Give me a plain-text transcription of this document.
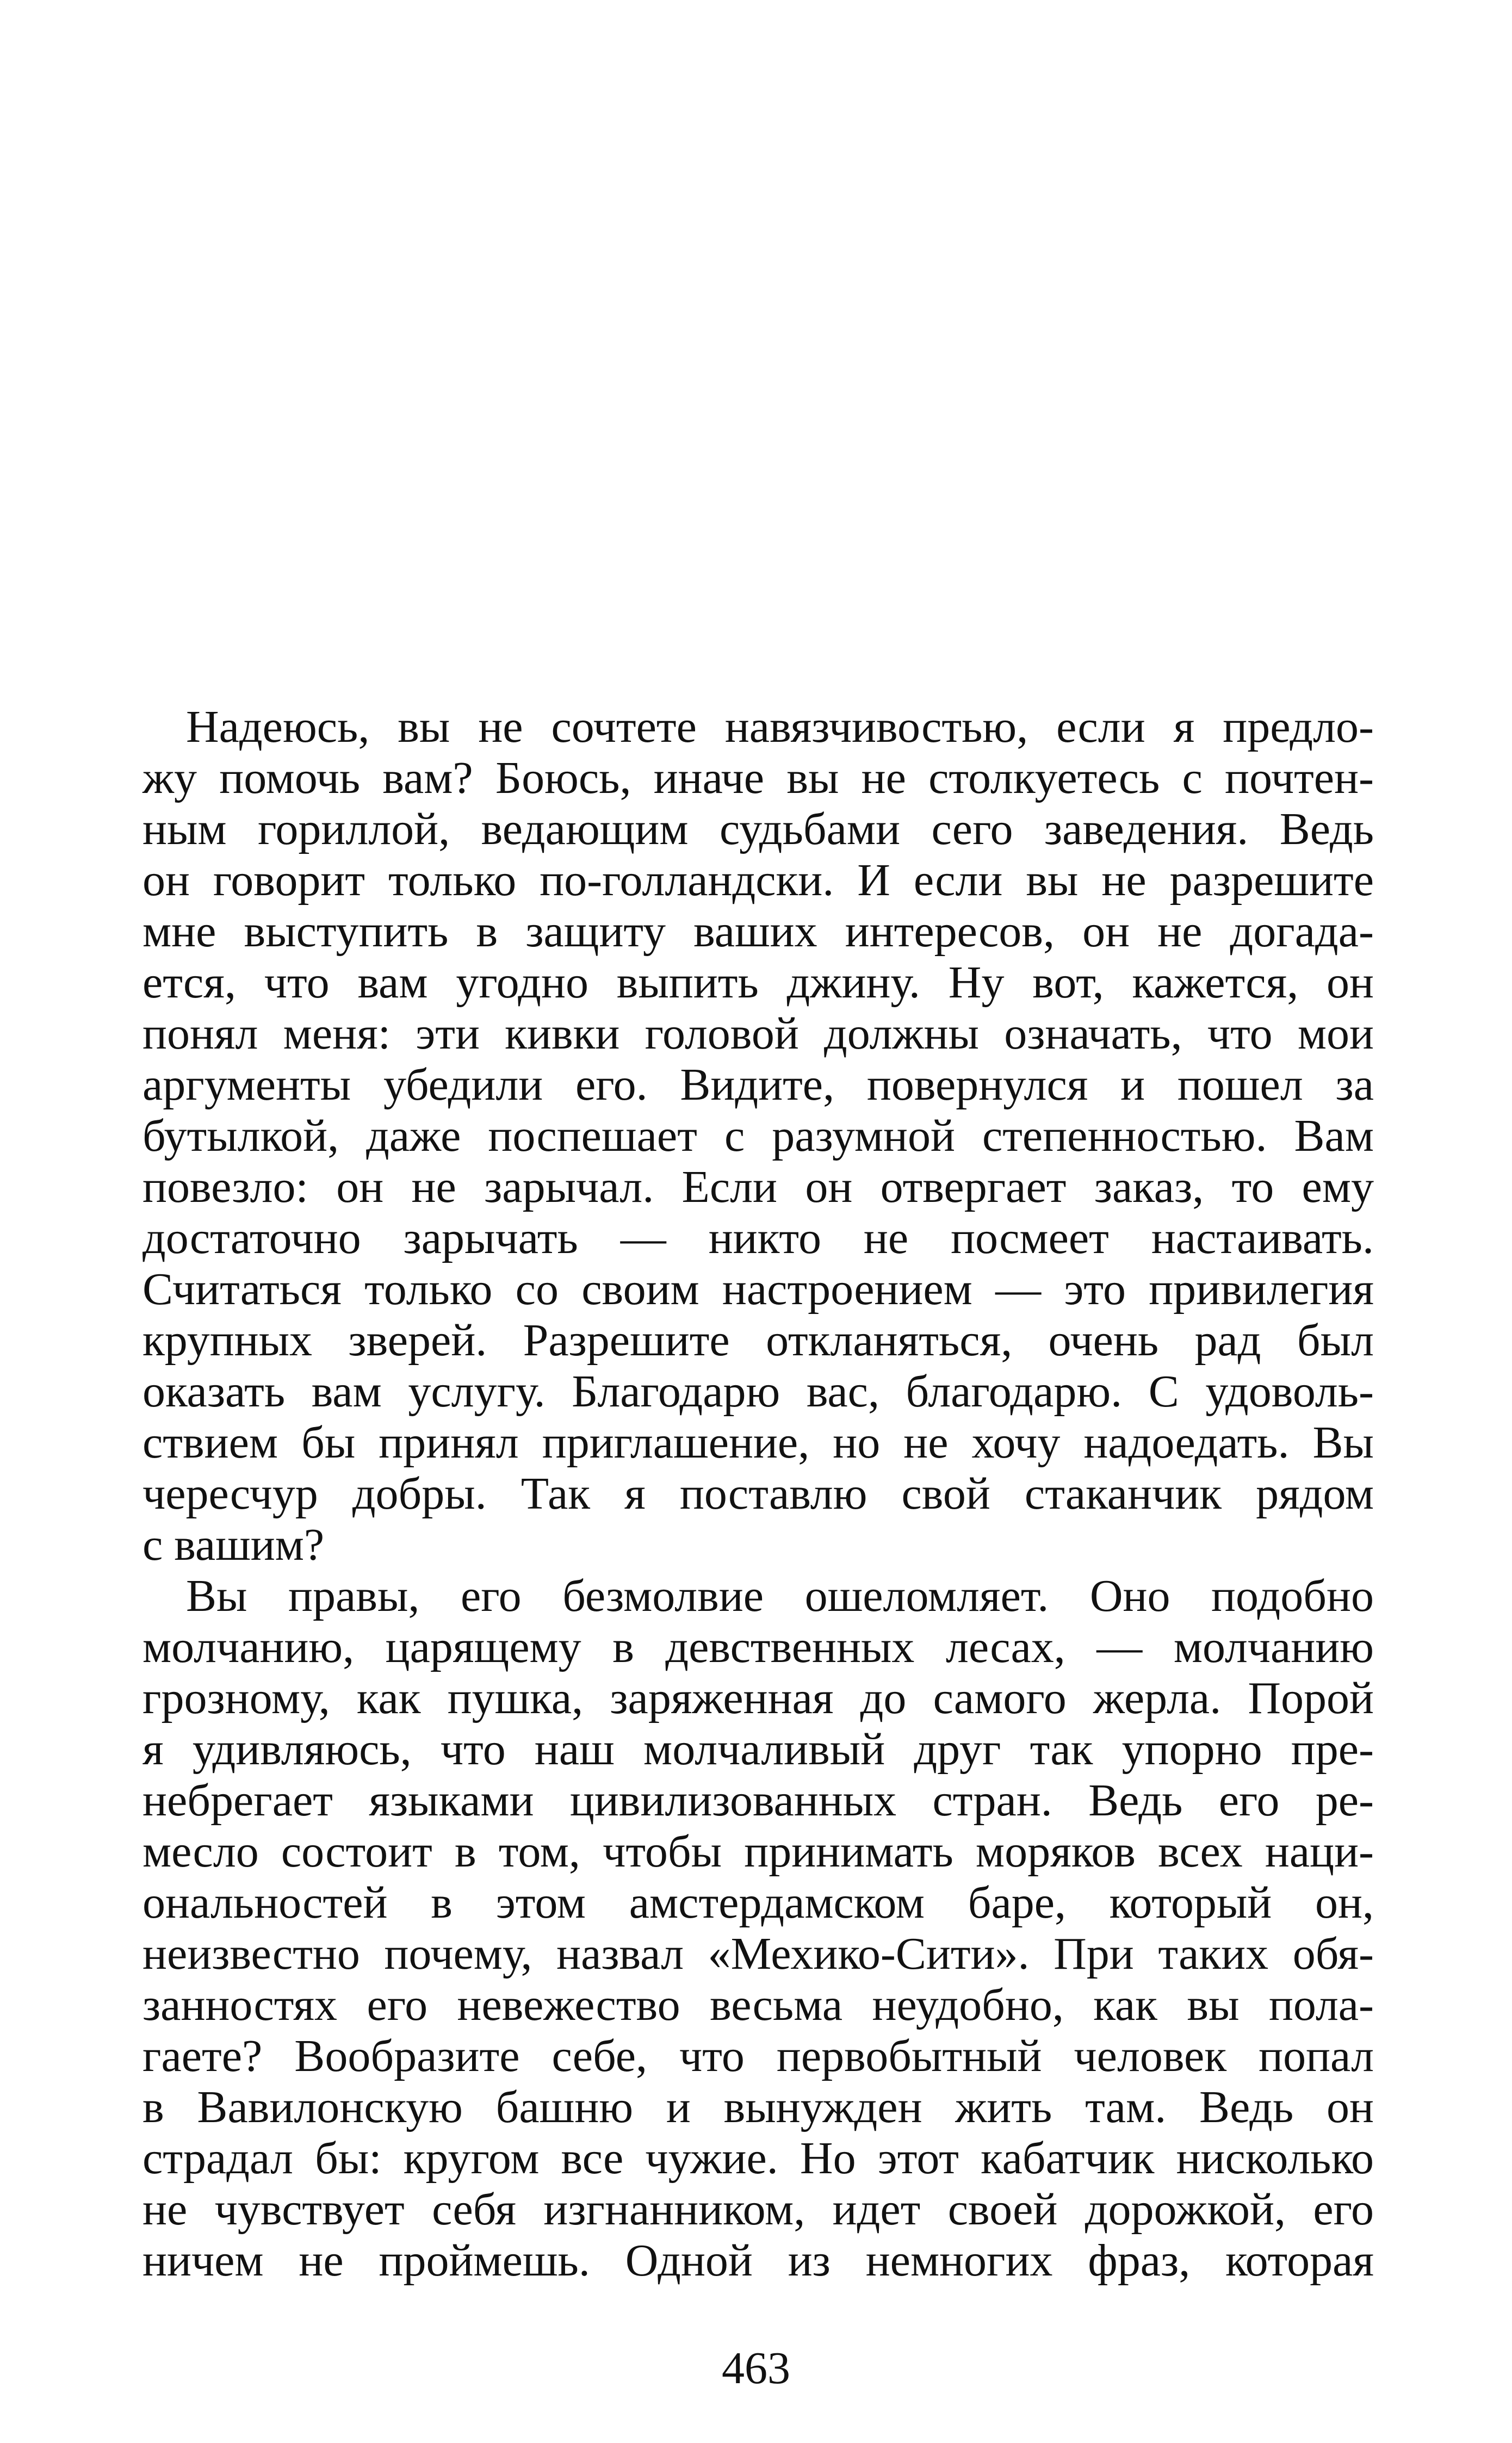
Надеюсь, вы не сочтете навязчивостью, если я предло-
жу помочь вам? Боюсь, иначе вы не столкуетесь с почтен-
ным гориллой, ведающим судьбами сего заведения. Ведь
он говорит только по-голландски. И если вы не разрешите
мне выступить в защиту ваших интересов, он не догада-
ется, что вам угодно выпить джину. Ну вот, кажется, он
понял меня: эти кивки головой должны означать, что мои
аргументы убедили его. Видите, повернулся и пошел за
бутылкой, даже поспешает с разумной степенностью. Вам
повезло: он не зарычал. Если он отвергает заказ, то ему
достаточно зарычать — никто не посмеет настаивать.
Считаться только со своим настроением — это привилегия
крупных зверей. Разрешите откланяться, очень рад был
оказать вам услугу. Благодарю вас, благодарю. С удоволь-
ствием бы принял приглашение, но не хочу надоедать. Вы
чересчур добры. Так я поставлю свой стаканчик рядом
с вашим?
Вы правы, его безмолвие ошеломляет. Оно подобно
молчанию, царящему в девственных лесах, — молчанию
грозному, как пушка, заряженная до самого жерла. Порой
я удивляюсь, что наш молчаливый друг так упорно пре-
небрегает языками цивилизованных стран. Ведь его ре-
месло состоит в том, чтобы принимать моряков всех наци-
ональностей в этом амстердамском баре, который он,
неизвестно почему, назвал «Мехико-Сити». При таких обя-
занностях его невежество весьма неудобно, как вы пола-
гаете? Вообразите себе, что первобытный человек попал
в Вавилонскую башню и вынужден жить там. Ведь он
страдал бы: кругом все чужие. Но этот кабатчик нисколько
не чувствует себя изгнанником, идет своей дорожкой, его
ничем не проймешь. Одной из немногих фраз, которая
463
